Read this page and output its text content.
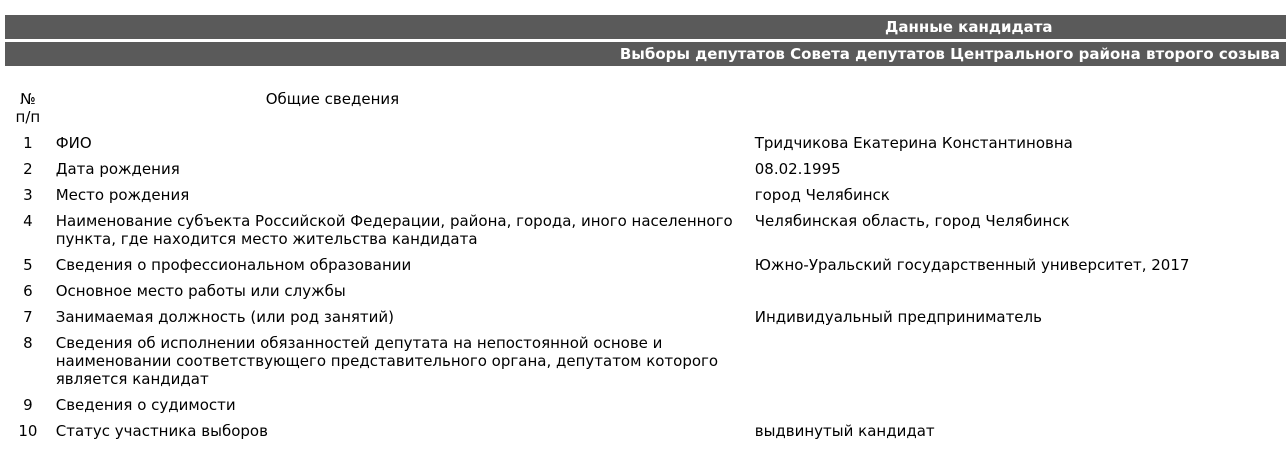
Данные кандидата
Выборы депутатов Совета депутатов Центрального района второго созыва
№
п/п	Общие сведения	
1	ФИО	Тридчикова Екатерина Константиновна
2	Дата рождения	08.02.1995
3	Место рождения	город Челябинск
4	Наименование субъекта Российской Федерации, района, города, иного населенного пункта, где находится место жительства кандидата	Челябинская область, город Челябинск
5	Сведения о профессиональном образовании	Южно-Уральский государственный университет, 2017
6	Основное место работы или службы	
7	Занимаемая должность (или род занятий)	Индивидуальный предприниматель
8	Сведения об исполнении обязанностей депутата на непостоянной основе и наименовании соответствующего представительного органа, депутатом которого является кандидат	
9	Сведения о судимости	
10	Статус участника выборов	выдвинутый кандидат
